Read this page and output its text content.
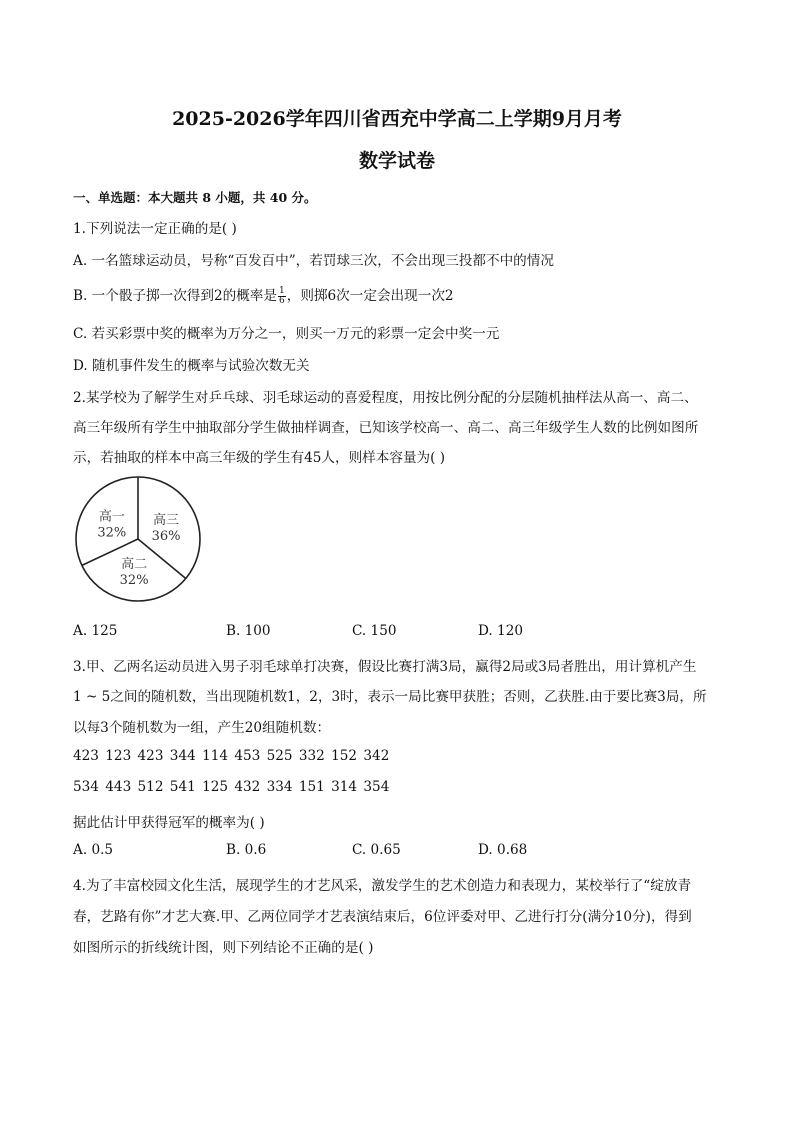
2025-2026学年四川省西充中学高二上学期9月月考
数学试卷
一、单选题：本大题共 8 小题，共 40 分。
1.下列说法一定正确的是( )
A. 一名篮球运动员，号称“百发百中”，若罚球三次，不会出现三投都不中的情况
B. 一个骰子掷一次得到2的概率是 $\frac{1}{6}$ ，则掷6次一定会出现一次2
C. 若买彩票中奖的概率为万分之一，则买一万元的彩票一定会中奖一元
D. 随机事件发生的概率与试验次数无关
2.某学校为了解学生对乒乓球、羽毛球运动的喜爱程度，用按比例分配的分层随机抽样法从高一、高二、
高三年级所有学生中抽取部分学生做抽样调查，已知该学校高一、高二、高三年级学生人数的比例如图所
示，若抽取的样本中高三年级的学生有45人，则样本容量为( )
高三
36%
高二
32%
高一
32%
A. 125	B. 100	C. 150	D. 120
3.甲、乙两名运动员进入男子羽毛球单打决赛，假设比赛打满3局，赢得2局或3局者胜出，用计算机产生
1 ~ 5之间的随机数，当出现随机数1，2，3时，表示一局比赛甲获胜；否则，乙获胜.由于要比赛3局，所
以每3个随机数为一组，产生20组随机数：
423 123 423 344 114 453 525 332 152 342
534 443 512 541 125 432 334 151 314 354
据此估计甲获得冠军的概率为( )
A. 0.5	B. 0.6	C. 0.65	D. 0.68
4.为了丰富校园文化生活，展现学生的才艺风采，激发学生的艺术创造力和表现力，某校举行了“绽放青
春，艺路有你”才艺大赛.甲、乙两位同学才艺表演结束后，6位评委对甲、乙进行打分(满分10分)，得到
如图所示的折线统计图，则下列结论不正确的是( )
